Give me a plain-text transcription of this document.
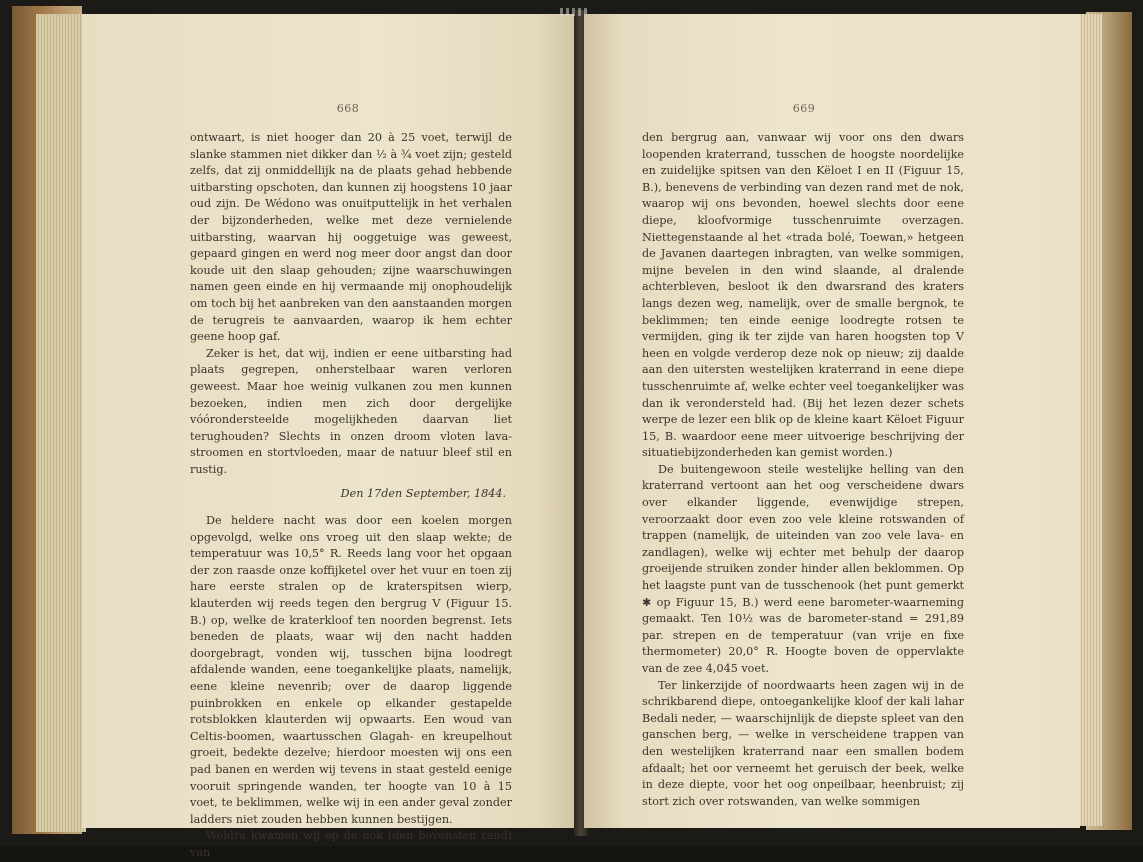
668

ontwaart, is niet hooger dan 20 à 25 voet, terwijl de slanke stammen niet dikker dan ½ à ¾ voet zijn; gesteld zelfs, dat zij onmiddellijk na de plaats gehad hebbende uitbarsting opschoten, dan kunnen zij hoogstens 10 jaar oud zijn. De Wédono was onuitputtelijk in het verhalen der bijzonderheden, welke met deze vernielende uitbarsting, waarvan hij ooggetuige was geweest, gepaard gingen en werd nog meer door angst dan door koude uit den slaap gehouden; zijne waarschuwingen namen geen einde en hij vermaande mij onophoudelijk om toch bij het aanbreken van den aanstaanden morgen de terugreis te aanvaarden, waarop ik hem echter geene hoop gaf.

Zeker is het, dat wij, indien er eene uitbarsting had plaats gegrepen, onherstelbaar waren verloren geweest. Maar hoe weinig vulkanen zou men kunnen bezoeken, indien men zich door dergelijke vóórondersteelde mogelijkheden daarvan liet terughouden? Slechts in onzen droom vloten lava-stroomen en stortvloeden, maar de natuur bleef stil en rustig.

Den 17den September, 1844.

De heldere nacht was door een koelen morgen opgevolgd, welke ons vroeg uit den slaap wekte; de temperatuur was 10,5° R. Reeds lang voor het opgaan der zon raasde onze koffijketel over het vuur en toen zij hare eerste stralen op de kraterspitsen wierp, klauterden wij reeds tegen den bergrug V (Figuur 15. B.) op, welke de kraterkloof ten noorden begrenst. Iets beneden de plaats, waar wij den nacht hadden doorgebragt, vonden wij, tusschen bijna loodregt afdalende wanden, eene toegankelijke plaats, namelijk, eene kleine nevenrib; over de daarop liggende puinbrokken en enkele op elkander gestapelde rotsblokken klauterden wij opwaarts. Een woud van Celtis-boomen, waartusschen Glagah- en kreupelhout groeit, bedekte dezelve; hierdoor moesten wij ons een pad banen en werden wij tevens in staat gesteld eenige vooruit springende wanden, ter hoogte van 10 à 15 voet, te beklimmen, welke wij in een ander geval zonder ladders niet zouden hebben kunnen bestijgen.

Weldra kwamen wij op de nok (den bovensten rand) van

669

den bergrug aan, vanwaar wij voor ons den dwars loopenden kraterrand, tusschen de hoogste noordelijke en zuidelijke spitsen van den Këloet I en II (Figuur 15, B.), benevens de verbinding van dezen rand met de nok, waarop wij ons bevonden, hoewel slechts door eene diepe, kloofvormige tusschenruimte overzagen. Niettegenstaande al het «trada bolé, Toewan,» hetgeen de Javanen daartegen inbragten, van welke sommigen, mijne bevelen in den wind slaande, al dralende achterbleven, besloot ik den dwarsrand des kraters langs dezen weg, namelijk, over de smalle bergnok, te beklimmen; ten einde eenige loodregte rotsen te vermijden, ging ik ter zijde van haren hoogsten top V heen en volgde verderop deze nok op nieuw; zij daalde aan den uitersten westelijken kraterrand in eene diepe tusschenruimte af, welke echter veel toegankelijker was dan ik verondersteld had. (Bij het lezen dezer schets werpe de lezer een blik op de kleine kaart Këloet Figuur 15, B. waardoor eene meer uitvoerige beschrijving der situatiebijzonderheden kan gemist worden.)

De buitengewoon steile westelijke helling van den kraterrand vertoont aan het oog verscheidene dwars over elkander liggende, evenwijdige strepen, veroorzaakt door even zoo vele kleine rotswanden of trappen (namelijk, de uiteinden van zoo vele lava- en zandlagen), welke wij echter met behulp der daarop groeijende struiken zonder hinder allen beklommen. Op het laagste punt van de tusschenook (het punt gemerkt ✱ op Figuur 15, B.) werd eene barometer-waarneming gemaakt. Ten 10½ was de barometer-stand = 291,89 par. strepen en de temperatuur (van vrije en fixe thermometer) 20,0° R. Hoogte boven de oppervlakte van de zee 4,045 voet.

Ter linkerzijde of noordwaarts heen zagen wij in de schrikbarend diepe, ontoegankelijke kloof der kali lahar Bedali neder, — waarschijnlijk de diepste spleet van den ganschen berg, — welke in verscheidene trappen van den westelijken kraterrand naar een smallen bodem afdaalt; het oor verneemt het geruisch der beek, welke in deze diepte, voor het oog onpeilbaar, heenbruist; zij stort zich over rotswanden, van welke sommigen
